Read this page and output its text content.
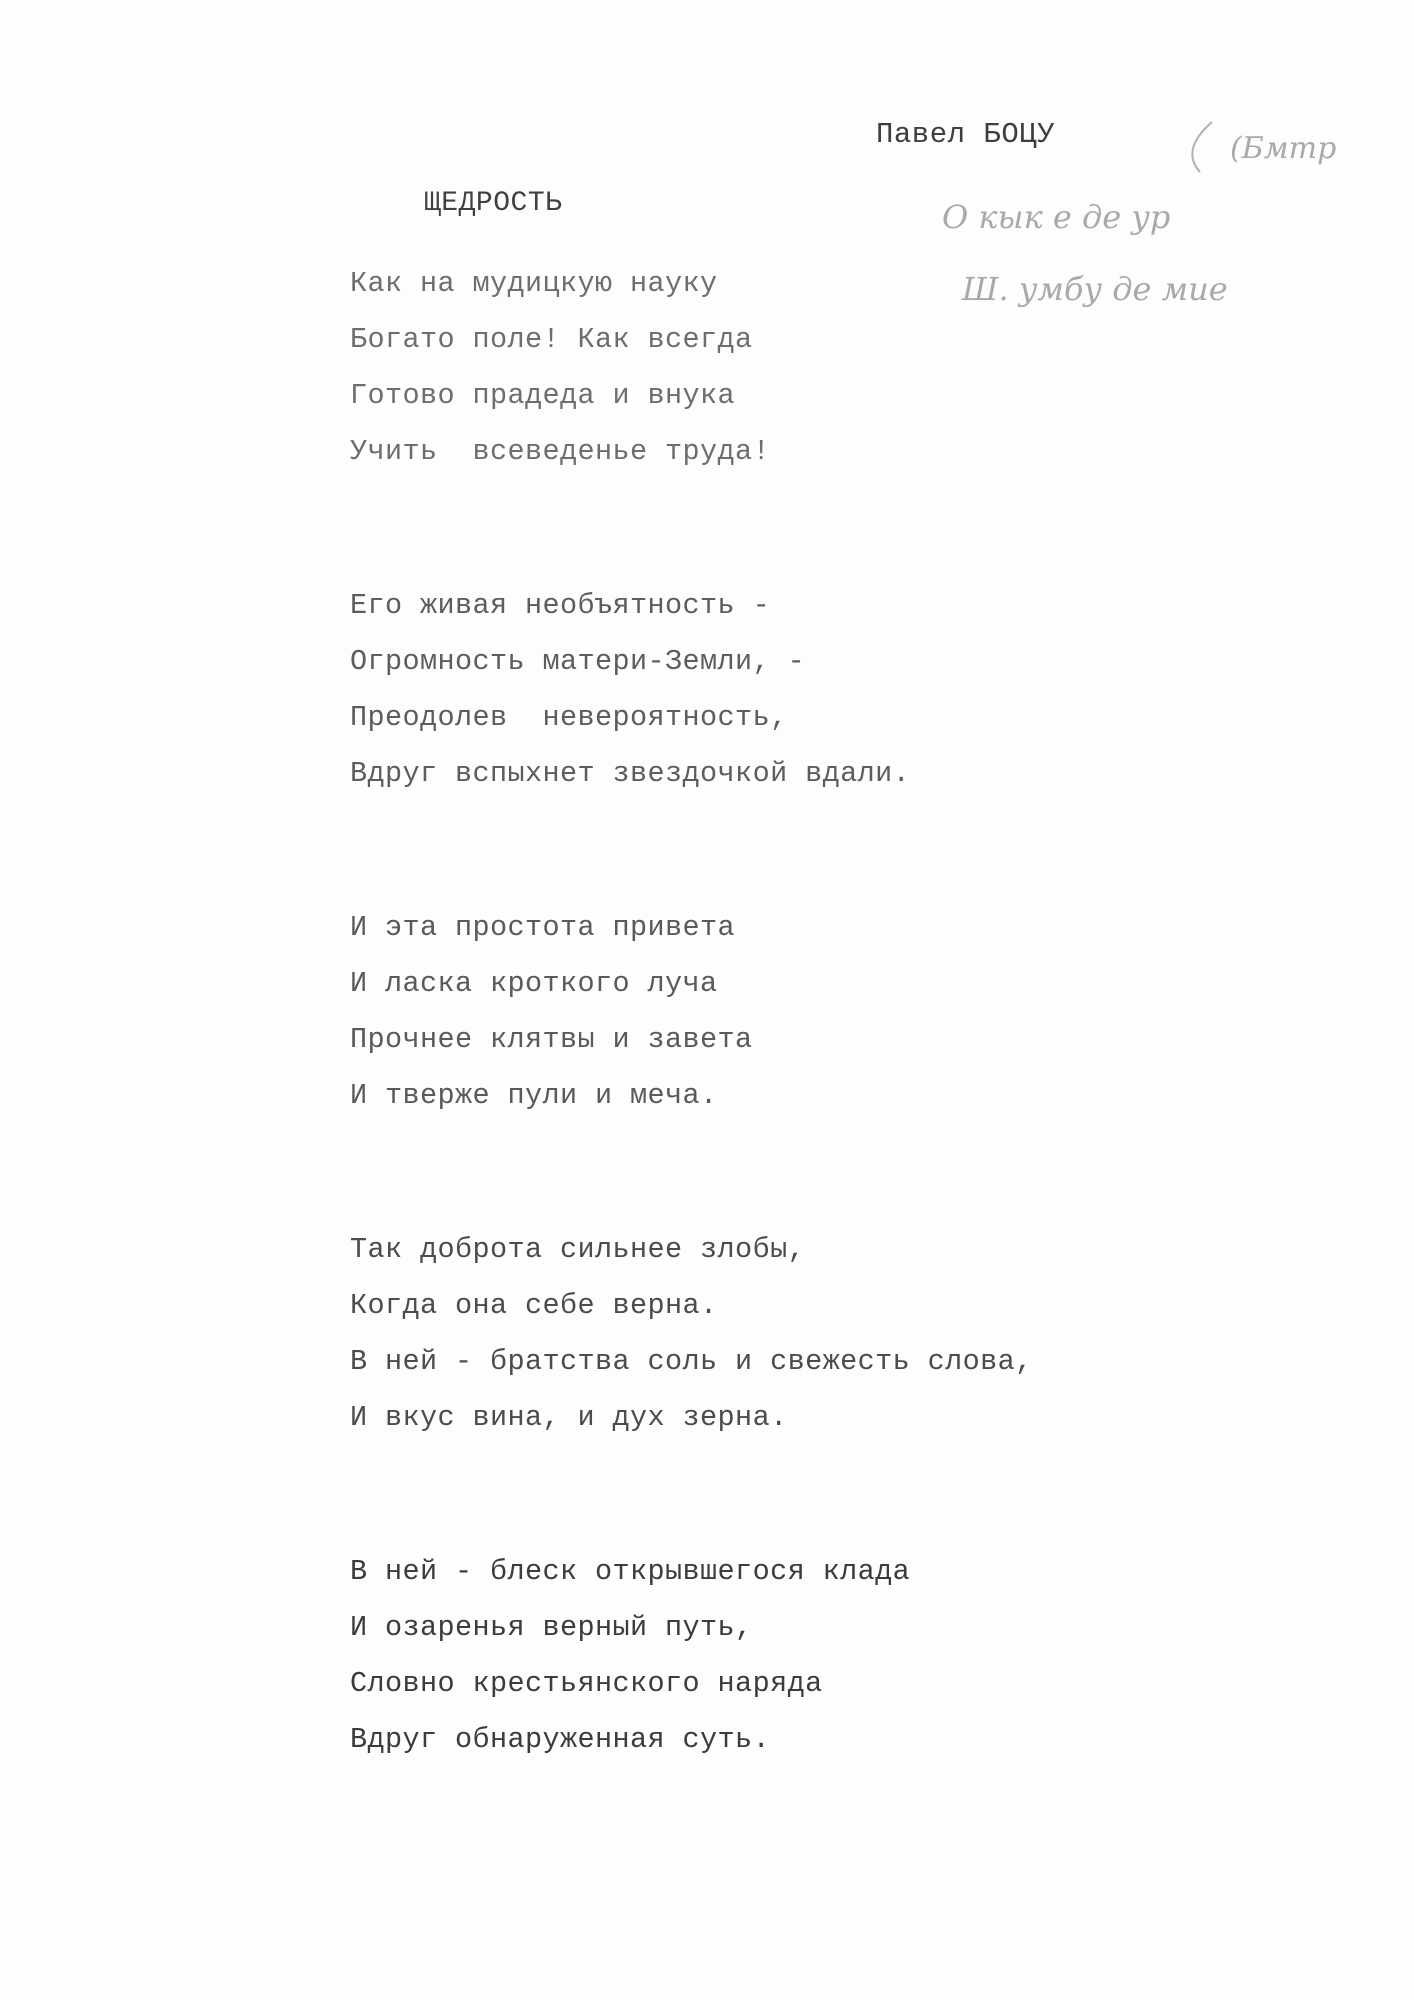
Павел БОЦУ
ЩЕДРОСТЬ
(Бмтр
О кык е де ур
Ш. умбу де мие
Как на мудицкую науку
Богато поле! Как всегда
Готово прадеда и внука
Учить  всеведенье труда!
Его живая необъятность -
Огромность матери-Земли, -
Преодолев  невероятность,
Вдруг вспыхнет звездочкой вдали.
И эта простота привета
И ласка кроткого луча
Прочнее клятвы и завета
И тверже пули и меча.
Так доброта сильнее злобы,
Когда она себе верна.
В ней - братства соль и свежесть слова,
И вкус вина, и дух зерна.
В ней - блеск открывшегося клада
И озаренья верный путь,
Словно крестьянского наряда
Вдруг обнаруженная суть.
